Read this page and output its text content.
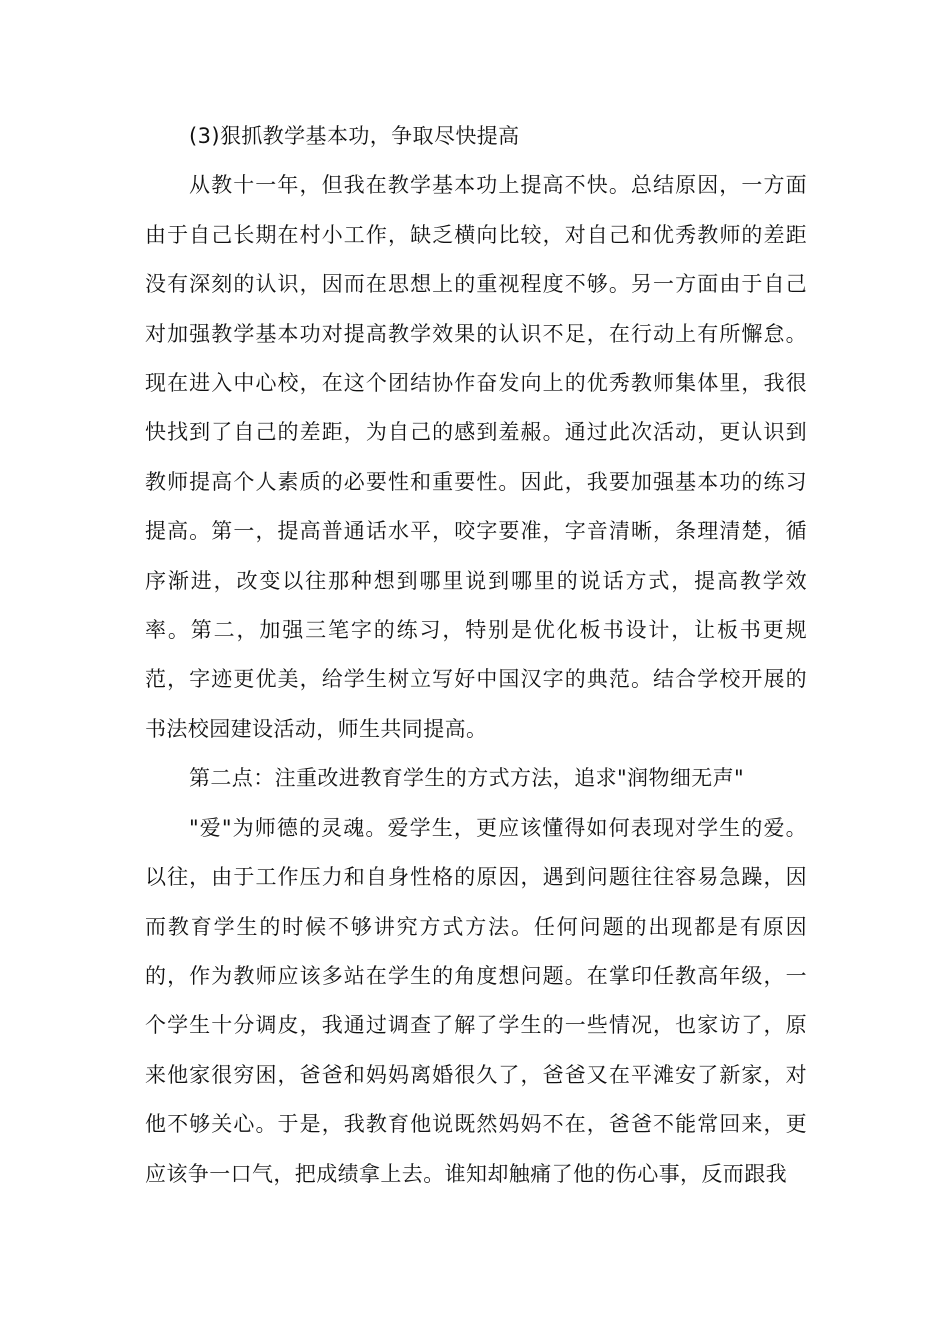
(3)狠抓教学基本功，争取尽快提高

从教十一年，但我在教学基本功上提高不快。总结原因，一方面由于自己长期在村小工作，缺乏横向比较，对自己和优秀教师的差距没有深刻的认识，因而在思想上的重视程度不够。另一方面由于自己对加强教学基本功对提高教学效果的认识不足，在行动上有所懈怠。现在进入中心校，在这个团结协作奋发向上的优秀教师集体里，我很快找到了自己的差距，为自己的感到羞赧。通过此次活动，更认识到教师提高个人素质的必要性和重要性。因此，我要加强基本功的练习提高。第一，提高普通话水平，咬字要准，字音清晰，条理清楚，循序渐进，改变以往那种想到哪里说到哪里的说话方式，提高教学效率。第二，加强三笔字的练习，特别是优化板书设计，让板书更规范，字迹更优美，给学生树立写好中国汉字的典范。结合学校开展的书法校园建设活动，师生共同提高。

第二点：注重改进教育学生的方式方法，追求"润物细无声"

"爱"为师德的灵魂。爱学生，更应该懂得如何表现对学生的爱。以往，由于工作压力和自身性格的原因，遇到问题往往容易急躁，因而教育学生的时候不够讲究方式方法。任何问题的出现都是有原因的，作为教师应该多站在学生的角度想问题。在掌印任教高年级，一个学生十分调皮，我通过调查了解了学生的一些情况，也家访了，原来他家很穷困，爸爸和妈妈离婚很久了，爸爸又在平滩安了新家，对他不够关心。于是，我教育他说既然妈妈不在，爸爸不能常回来，更应该争一口气，把成绩拿上去。谁知却触痛了他的伤心事，反而跟我
